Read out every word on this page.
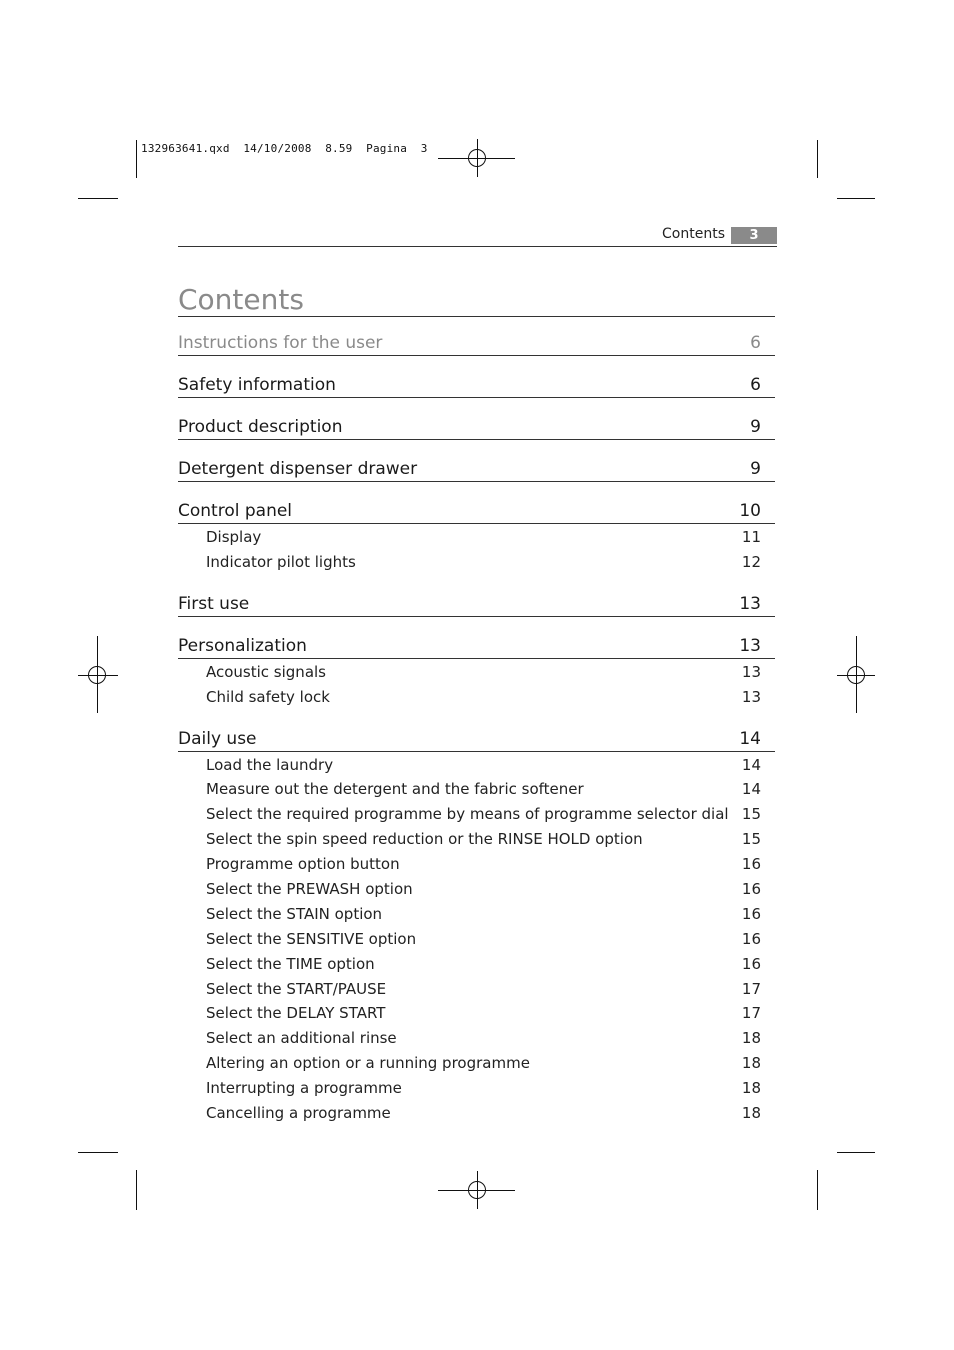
132963641.qxd  14/10/2008  8.59  Pagina  3
Contents	3
Contents
Instructions for the user	6
Safety information	6
Product description	9
Detergent dispenser drawer	9
Control panel	10
Display	11
Indicator pilot lights	12
First use	13
Personalization	13
Acoustic signals	13
Child safety lock	13
Daily use	14
Load the laundry	14
Measure out the detergent and the fabric softener	14
Select the required programme by means of programme selector dial 15
Select the spin speed reduction or the RINSE HOLD option	15
Programme option button	16
Select the PREWASH option	16
Select the STAIN option	16
Select the SENSITIVE option	16
Select the TIME option	16
Select the START/PAUSE	17
Select the DELAY START	17
Select an additional rinse	18
Altering an option or a running programme	18
Interrupting a programme	18
Cancelling a programme	18
